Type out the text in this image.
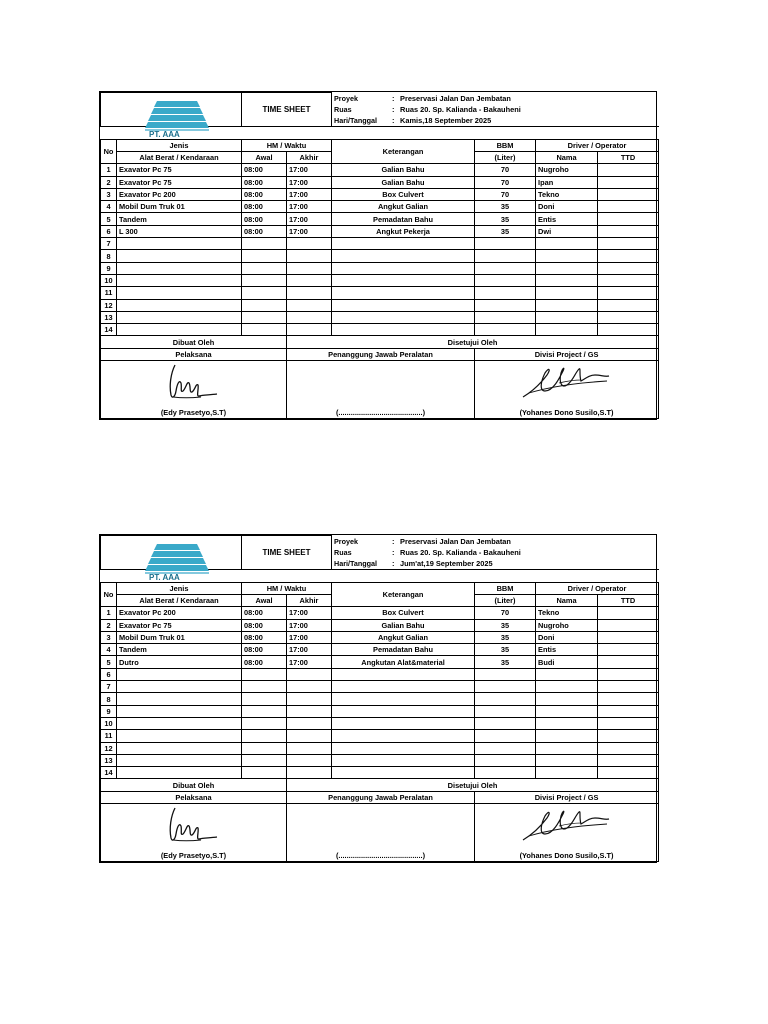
PT. AAA		TIME SHEET		Proyek : Preservasi Jalan Dan Jembatan			
				Ruas : Ruas 20. Sp. Kalianda - Bakauheni			
				Hari/Tanggal : Kamis,18 September 2025			

No	Jenis	HM / Waktu		Keterangan	BBM	Driver / Operator	
	Alat Berat / Kendaraan	Awal	Akhir		(Liter)	Nama	TTD
1	Exavator Pc 75	08:00	17:00	Galian Bahu	70	Nugroho	
2	Exavator Pc 75	08:00	17:00	Galian Bahu	70	Ipan	
3	Exavator Pc 200	08:00	17:00	Box Culvert	70	Tekno	
4	Mobil Dum Truk 01	08:00	17:00	Angkut Galian	35	Doni	
5	Tandem	08:00	17:00	Pemadatan Bahu	35	Entis	
6	L 300	08:00	17:00	Angkut Pekerja	35	Dwi	
7							
8							
9							
10							
11							
12							
13							
14							
Dibuat Oleh			Disetujui Oleh				
Pelaksana			Penanggung Jawab Peralatan		Divisi Project / GS		

(Edy Prasetyo,S.T)			(.........................................)		(Yohanes Dono Susilo,S.T)		
PT. AAA		TIME SHEET		Proyek : Preservasi Jalan Dan Jembatan			
				Ruas : Ruas 20. Sp. Kalianda - Bakauheni			
				Hari/Tanggal : Jum'at,19 September 2025			

No	Jenis	HM / Waktu		Keterangan	BBM	Driver / Operator	
	Alat Berat / Kendaraan	Awal	Akhir		(Liter)	Nama	TTD
1	Exavator Pc 200	08:00	17:00	Box Culvert	70	Tekno	
2	Exavator Pc 75	08:00	17:00	Galian Bahu	35	Nugroho	
3	Mobil Dum Truk 01	08:00	17:00	Angkut Galian	35	Doni	
4	Tandem	08:00	17:00	Pemadatan Bahu	35	Entis	
5	Dutro	08:00	17:00	Angkutan Alat&material	35	Budi	
6							
7							
8							
9							
10							
11							
12							
13							
14							
Dibuat Oleh			Disetujui Oleh				
Pelaksana			Penanggung Jawab Peralatan		Divisi Project / GS		

(Edy Prasetyo,S.T)			(.........................................)		(Yohanes Dono Susilo,S.T)		
